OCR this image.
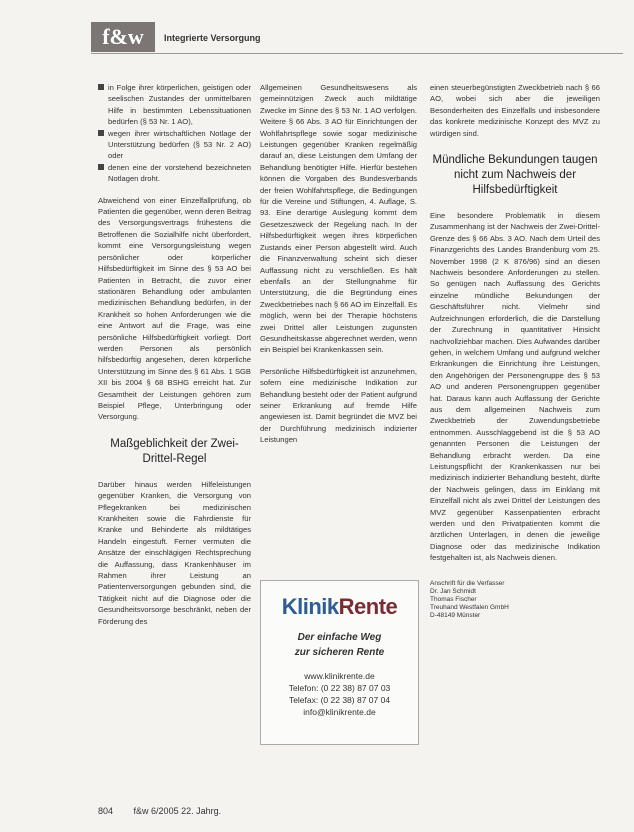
f&w	Integrierte Versorgung
in Folge ihrer körperlichen, geistigen oder seelischen Zustandes der unmittelbaren Hilfe in bestimmten Lebenssituationen bedürfen (§ 53 Nr. 1 AO),
wegen ihrer wirtschaftlichen Notlage der Unterstützung bedürfen (§ 53 Nr. 2 AO) oder
denen eine der vorstehend bezeichneten Notlagen droht.

Abweichend von einer Einzelfallprüfung, ob Patienten die gegenüber, wenn deren Beitrag des Versorgungsvertrags frühestens die Betroffenen die Sozialhilfe nicht überfordert, kommt eine Versorgungsleistung wegen persönlicher oder körperlicher Hilfsbedürftigkeit im Sinne des § 53 AO bei Patienten in Betracht, die zuvor einer stationären Behandlung oder ambulanten medizinischen Behandlung bedürfen, in der Krankheit so hohen Anforderungen wie die eine Antwort auf die Frage, was eine persönliche Hilfsbedürftigkeit vorliegt. Dort werden Personen als persönlich hilfsbedürftig angesehen, deren körperliche Unterstützung im Sinne des § 61 Abs. 1 SGB XII bis 2004 § 68 BSHG erreicht hat. Zur Gesamtheit der Leistungen gehören zum Beispiel Pflege, Unterbringung oder Versorgung.

Maßgeblichkeit der Zwei-Drittel-Regel

Darüber hinaus werden Hilfeleistungen gegenüber Kranken, die Versorgung von Pflegekranken bei medizinischen Krankheiten sowie die Fahrdienste für Kranke und Behinderte als mildtätiges Handeln eingestuft. Ferner vermuten die Ansätze der einschlägigen Rechtsprechung die Auffassung, dass Krankenhäuser im Rahmen ihrer Leistung an Patientenversorgungen gebunden sind, die Tätigkeit nicht auf die Diagnose oder die Gesundheitsvorsorge beschränkt, neben der Förderung des

Allgemeinen Gesundheitswesens als gemeinnützigen Zweck auch mildtätige Zwecke im Sinne des § 53 Nr. 1 AO verfolgen. Weitere § 66 Abs. 3 AO für Einrichtungen der Wohlfahrtspflege sowie sogar medizinische Leistungen gegenüber Kranken regelmäßig darauf an, diese Leistungen dem Umfang der Behandlung benötigter Hilfe. Hierfür bestehen können die Vorgaben des Bundesverbands der freien Wohlfahrtspflege, die Bedingungen für die Vereine und Stiftungen, 4. Auflage, S. 93. Eine derartige Auslegung kommt dem Gesetzeszweck der Regelung nach. In der Hilfsbedürftigkeit wegen ihres körperlichen Zustands einer Person abgestellt wird. Auch die Finanzverwaltung scheint sich dieser Auffassung nicht zu verschließen. Es hält ebenfalls an der Stellungnahme für Unterstützung, die die Begründung eines Zweckbetriebes nach § 66 AO im Einzelfall. Es möglich, wenn bei der Therapie höchstens zwei Drittel aller Leistungen zugunsten Gesundheitskasse abgerechnet werden, wenn ein Beispiel bei Krankenkassen sein.

Persönliche Hilfsbedürftigkeit ist anzunehmen, sofern eine medizinische Indikation zur Behandlung besteht oder der Patient aufgrund seiner Erkrankung auf fremde Hilfe angewiesen ist. Damit begründet die MVZ bei der Durchführung medizinisch indizierter Leistungen

KlinikRente
Der einfache Weg
zur sicheren Rente
www.klinikrente.de
Telefon: (0 22 38) 87 07 03
Telefax: (0 22 38) 87 07 04
info@klinikrente.de

einen steuerbegünstigten Zweckbetrieb nach § 66 AO, wobei sich aber die jeweiligen Besonderheiten des Einzelfalls und insbesondere das konkrete medizinische Konzept des MVZ zu würdigen sind.

Mündliche Bekundungen taugen nicht zum Nachweis der Hilfsbedürftigkeit

Eine besondere Problematik in diesem Zusammenhang ist der Nachweis der Zwei-Drittel-Grenze des § 66 Abs. 3 AO. Nach dem Urteil des Finanzgerichts des Landes Brandenburg vom 25. November 1998 (2 K 876/96) sind an diesen Nachweis besondere Anforderungen zu stellen. So genügen nach Auffassung des Gerichts einzelne mündliche Bekundungen der Geschäftsführer nicht. Vielmehr sind Aufzeichnungen erforderlich, die die Darstellung der Zurechnung in quantitativer Hinsicht nachvollziehbar machen. Dies Aufwandes darüber gehen, in welchem Umfang und aufgrund welcher Erkrankungen die Einrichtung ihre Leistungen, den Angehörigen der Personengruppe des § 53 AO und anderen Personengruppen gegenüber hat. Daraus kann auch Auffassung der Gerichte aus dem allgemeinen Nachweis zum Zweckbetrieb der Zuwendungsbetriebe entnommen. Ausschlaggebend ist die § 53 AO genannten Personen die Leistungen der Behandlung erbracht werden. Da eine Leistungspflicht der Krankenkassen nur bei medizinisch indizierter Behandlung besteht, dürfte der Nachweis gelingen, dass im Einklang mit Einzelfall nicht als zwei Drittel der Leistungen des MVZ gegenüber Kassenpatienten erbracht werden und den Privatpatienten kommt die ärztlichen Unterlagen, in denen die jeweilige Diagnose oder das medizinische Indikation festgehalten ist, als Nachweis dienen.

Anschrift für die Verfasser
Dr. Jan Schmidt
Thomas Fischer
Treuhand Westfalen GmbH
D-48149 Münster
804 f&w 6/2005 22. Jahrg.
